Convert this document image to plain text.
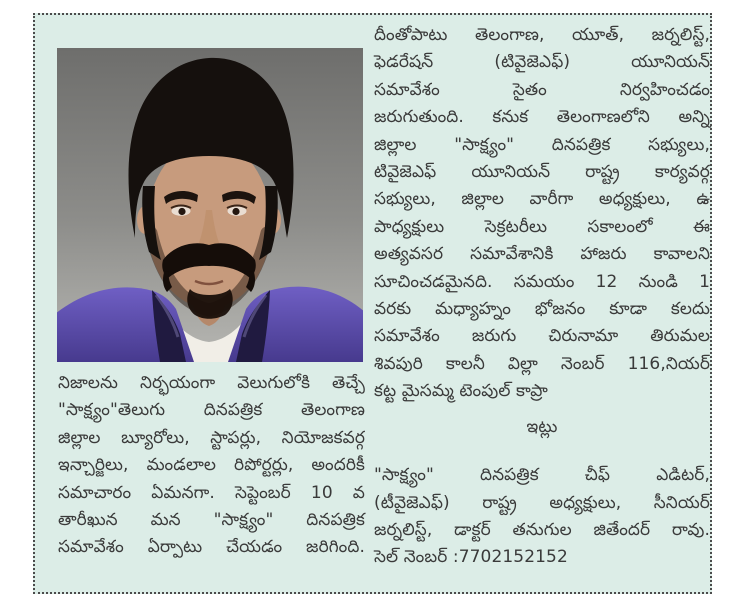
నిజాలను నిర్భయంగా వెలుగులోకి తెచ్చే
"సాక్ష్యం"తెలుగు దినపత్రిక తెలంగాణ
జిల్లాల బ్యూరోలు, స్టాపర్లు, నియోజకవర్గ
ఇన్చార్జిలు, మండలాల రిపోర్టర్లు, అందరికీ
సమాచారం ఏమనగా. సెప్టెంబర్ 10 వ
తారీఖున మన "సాక్ష్యం" దినపత్రిక
సమావేశం ఏర్పాటు చేయడం జరిగింది.
దీంతోపాటు తెలంగాణ, యూత్, జర్నలిస్ట్,
ఫెడరేషన్ (టివైజెఎఫ్) యూనియన్
సమావేశం సైతం నిర్వహించడం
జరుగుతుంది. కనుక తెలంగాణలోని అన్ని
జిల్లాల "సాక్ష్యం" దినపత్రిక సభ్యులు,
టివైజెఎఫ్ యూనియన్ రాష్ట్ర కార్యవర్గ
సభ్యులు, జిల్లాల వారీగా అధ్యక్షులు, ఉ
పాధ్యక్షులు సెక్రటరీలు సకాలంలో ఈ
అత్యవసర సమావేశానికి హాజరు కావాలని
సూచించడమైనది. సమయం 12 నుండి 1
వరకు మధ్యాహ్నం భోజనం కూడా కలదు
సమావేశం జరుగు చిరునామా తిరుమల
శివపురి కాలనీ విల్లా నెంబర్ 116,నియర్
కట్ట మైసమ్మ టెంపుల్ కాప్రా
ఇట్లు
"సాక్ష్యం" దినపత్రిక చీఫ్ ఎడిటర్,
(టీవైజెఎఫ్) రాష్ట్ర అధ్యక్షులు, సీనియర్
జర్నలిస్ట్, డాక్టర్ తనుగుల జితేందర్ రావు.
సెల్ నెంబర్ :7702152152
